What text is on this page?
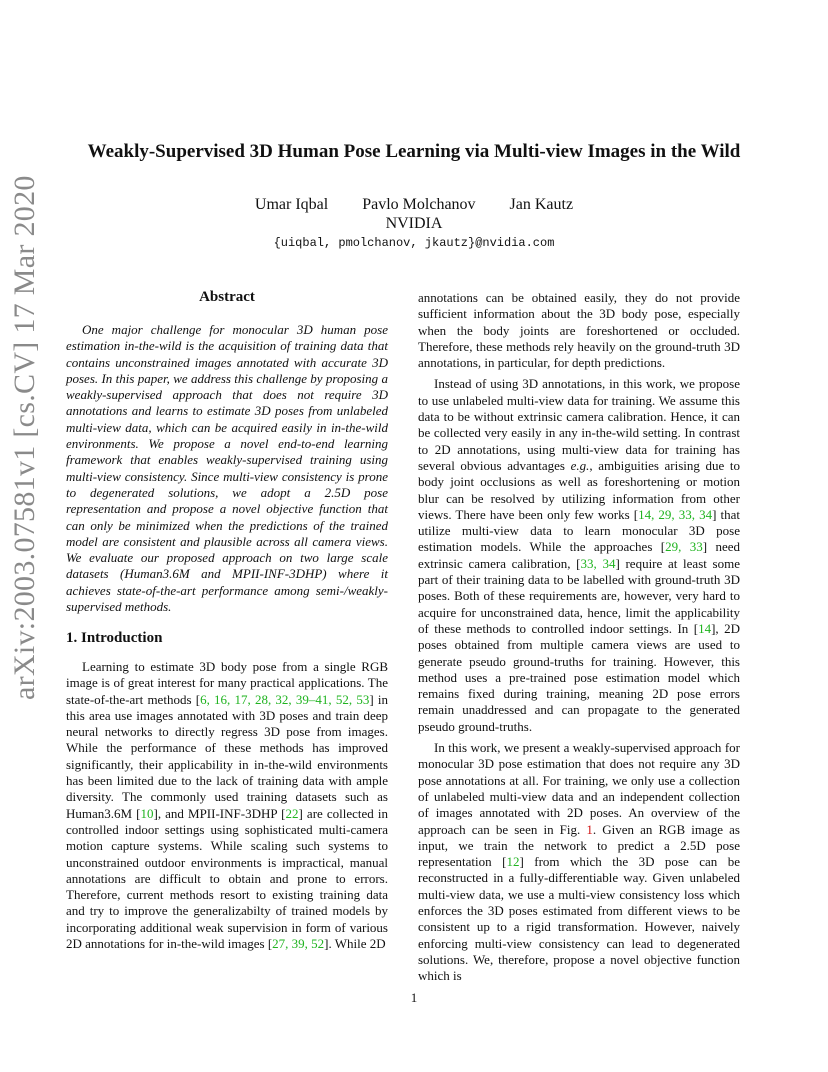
arXiv:2003.07581v1 [cs.CV] 17 Mar 2020
Weakly-Supervised 3D Human Pose Learning via Multi-view Images in the Wild
Umar Iqbal Pavlo Molchanov Jan Kautz
NVIDIA
{uiqbal, pmolchanov, jkautz}@nvidia.com
Abstract

One major challenge for monocular 3D human pose estimation in-the-wild is the acquisition of training data that contains unconstrained images annotated with accurate 3D poses. In this paper, we address this challenge by proposing a weakly-supervised approach that does not require 3D annotations and learns to estimate 3D poses from unlabeled multi-view data, which can be acquired easily in in-the-wild environments. We propose a novel end-to-end learning framework that enables weakly-supervised training using multi-view consistency. Since multi-view consistency is prone to degenerated solutions, we adopt a 2.5D pose representation and propose a novel objective function that can only be minimized when the predictions of the trained model are consistent and plausible across all camera views. We evaluate our proposed approach on two large scale datasets (Human3.6M and MPII-INF-3DHP) where it achieves state-of-the-art performance among semi-/weakly-supervised methods.

1. Introduction

Learning to estimate 3D body pose from a single RGB image is of great interest for many practical applications. The state-of-the-art methods [6, 16, 17, 28, 32, 39–41, 52, 53] in this area use images annotated with 3D poses and train deep neural networks to directly regress 3D pose from images. While the performance of these methods has improved significantly, their applicability in in-the-wild environments has been limited due to the lack of training data with ample diversity. The commonly used training datasets such as Human3.6M [10], and MPII-INF-3DHP [22] are collected in controlled indoor settings using sophisticated multi-camera motion capture systems. While scaling such systems to unconstrained outdoor environments is impractical, manual annotations are difficult to obtain and prone to errors. Therefore, current methods resort to existing training data and try to improve the generalizabilty of trained models by incorporating additional weak supervision in form of various 2D annotations for in-the-wild images [27, 39, 52]. While 2D

annotations can be obtained easily, they do not provide sufficient information about the 3D body pose, especially when the body joints are foreshortened or occluded. Therefore, these methods rely heavily on the ground-truth 3D annotations, in particular, for depth predictions.

Instead of using 3D annotations, in this work, we propose to use unlabeled multi-view data for training. We assume this data to be without extrinsic camera calibration. Hence, it can be collected very easily in any in-the-wild setting. In contrast to 2D annotations, using multi-view data for training has several obvious advantages e.g., ambiguities arising due to body joint occlusions as well as foreshortening or motion blur can be resolved by utilizing information from other views. There have been only few works [14, 29, 33, 34] that utilize multi-view data to learn monocular 3D pose estimation models. While the approaches [29, 33] need extrinsic camera calibration, [33, 34] require at least some part of their training data to be labelled with ground-truth 3D poses. Both of these requirements are, however, very hard to acquire for unconstrained data, hence, limit the applicability of these methods to controlled indoor settings. In [14], 2D poses obtained from multiple camera views are used to generate pseudo ground-truths for training. However, this method uses a pre-trained pose estimation model which remains fixed during training, meaning 2D pose errors remain unaddressed and can propagate to the generated pseudo ground-truths.

In this work, we present a weakly-supervised approach for monocular 3D pose estimation that does not require any 3D pose annotations at all. For training, we only use a collection of unlabeled multi-view data and an independent collection of images annotated with 2D poses. An overview of the approach can be seen in Fig. 1. Given an RGB image as input, we train the network to predict a 2.5D pose representation [12] from which the 3D pose can be reconstructed in a fully-differentiable way. Given unlabeled multi-view data, we use a multi-view consistency loss which enforces the 3D poses estimated from different views to be consistent up to a rigid transformation. However, naively enforcing multi-view consistency can lead to degenerated solutions. We, therefore, propose a novel objective function which is

1
